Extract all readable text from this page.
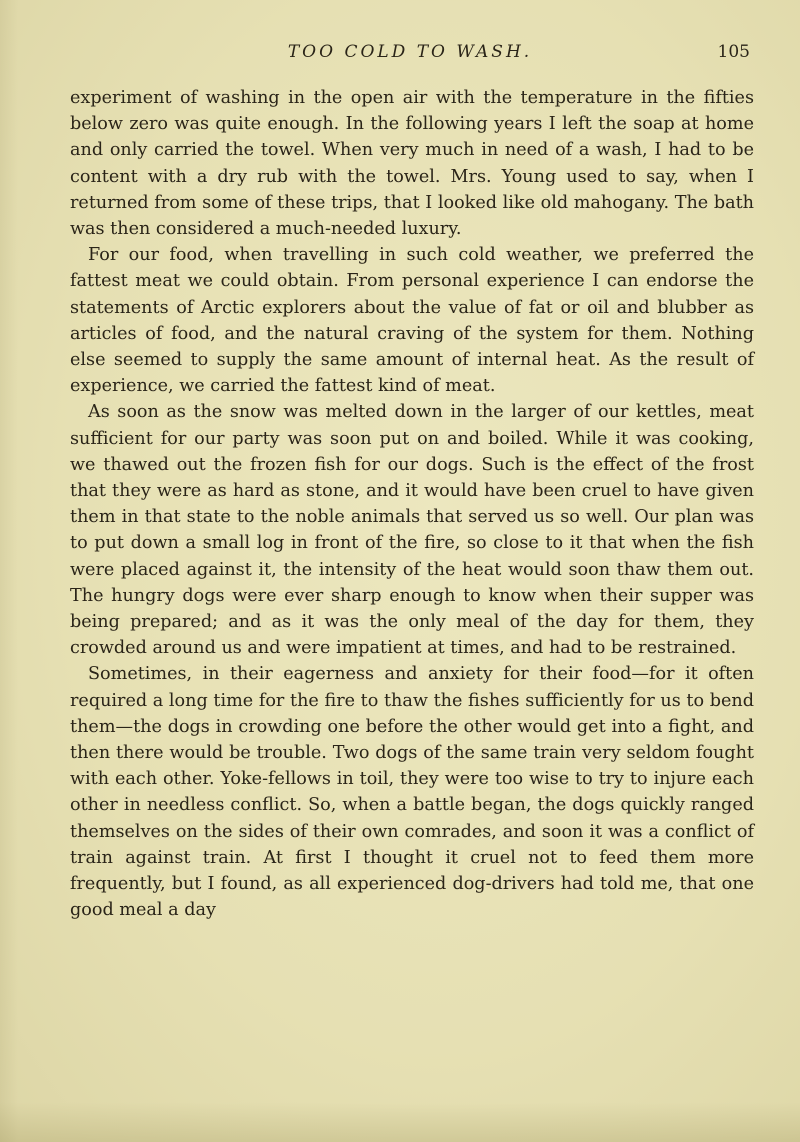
TOO COLD TO WASH.	105

experiment of washing in the open air with the temperature in the fifties below zero was quite enough. In the following years I left the soap at home and only carried the towel. When very much in need of a wash, I had to be content with a dry rub with the towel. Mrs. Young used to say, when I returned from some of these trips, that I looked like old mahogany. The bath was then considered a much-needed luxury.

For our food, when travelling in such cold weather, we preferred the fattest meat we could obtain. From personal experience I can endorse the statements of Arctic explorers about the value of fat or oil and blubber as articles of food, and the natural craving of the system for them. Nothing else seemed to supply the same amount of internal heat. As the result of experience, we carried the fattest kind of meat.

As soon as the snow was melted down in the larger of our kettles, meat sufficient for our party was soon put on and boiled. While it was cooking, we thawed out the frozen fish for our dogs. Such is the effect of the frost that they were as hard as stone, and it would have been cruel to have given them in that state to the noble animals that served us so well. Our plan was to put down a small log in front of the fire, so close to it that when the fish were placed against it, the intensity of the heat would soon thaw them out. The hungry dogs were ever sharp enough to know when their supper was being prepared; and as it was the only meal of the day for them, they crowded around us and were impatient at times, and had to be restrained.

Sometimes, in their eagerness and anxiety for their food—for it often required a long time for the fire to thaw the fishes sufficiently for us to bend them—the dogs in crowding one before the other would get into a fight, and then there would be trouble. Two dogs of the same train very seldom fought with each other. Yoke-fellows in toil, they were too wise to try to injure each other in needless conflict. So, when a battle began, the dogs quickly ranged themselves on the sides of their own comrades, and soon it was a conflict of train against train. At first I thought it cruel not to feed them more frequently, but I found, as all experienced dog-drivers had told me, that one good meal a day
